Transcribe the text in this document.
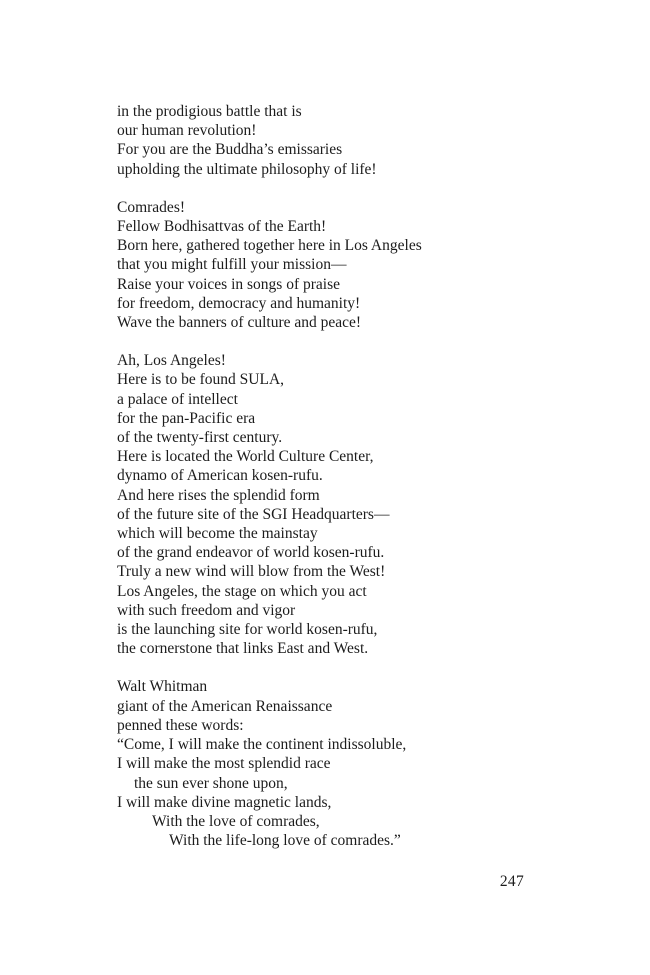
in the prodigious battle that is
our human revolution!
For you are the Buddha’s emissaries
upholding the ultimate philosophy of life!
Comrades!
Fellow Bodhisattvas of the Earth!
Born here, gathered together here in Los Angeles
that you might fulfill your mission—
Raise your voices in songs of praise
for freedom, democracy and humanity!
Wave the banners of culture and peace!
Ah, Los Angeles!
Here is to be found SULA,
a palace of intellect
for the pan-Pacific era
of the twenty-first century.
Here is located the World Culture Center,
dynamo of American kosen-rufu.
And here rises the splendid form
of the future site of the SGI Headquarters—
which will become the mainstay
of the grand endeavor of world kosen-rufu.
Truly a new wind will blow from the West!
Los Angeles, the stage on which you act
with such freedom and vigor
is the launching site for world kosen-rufu,
the cornerstone that links East and West.
Walt Whitman
giant of the American Renaissance
penned these words:
“Come, I will make the continent indissoluble,
I will make the most splendid race
the sun ever shone upon,
I will make divine magnetic lands,
With the love of comrades,
With the life-long love of comrades.”
247
